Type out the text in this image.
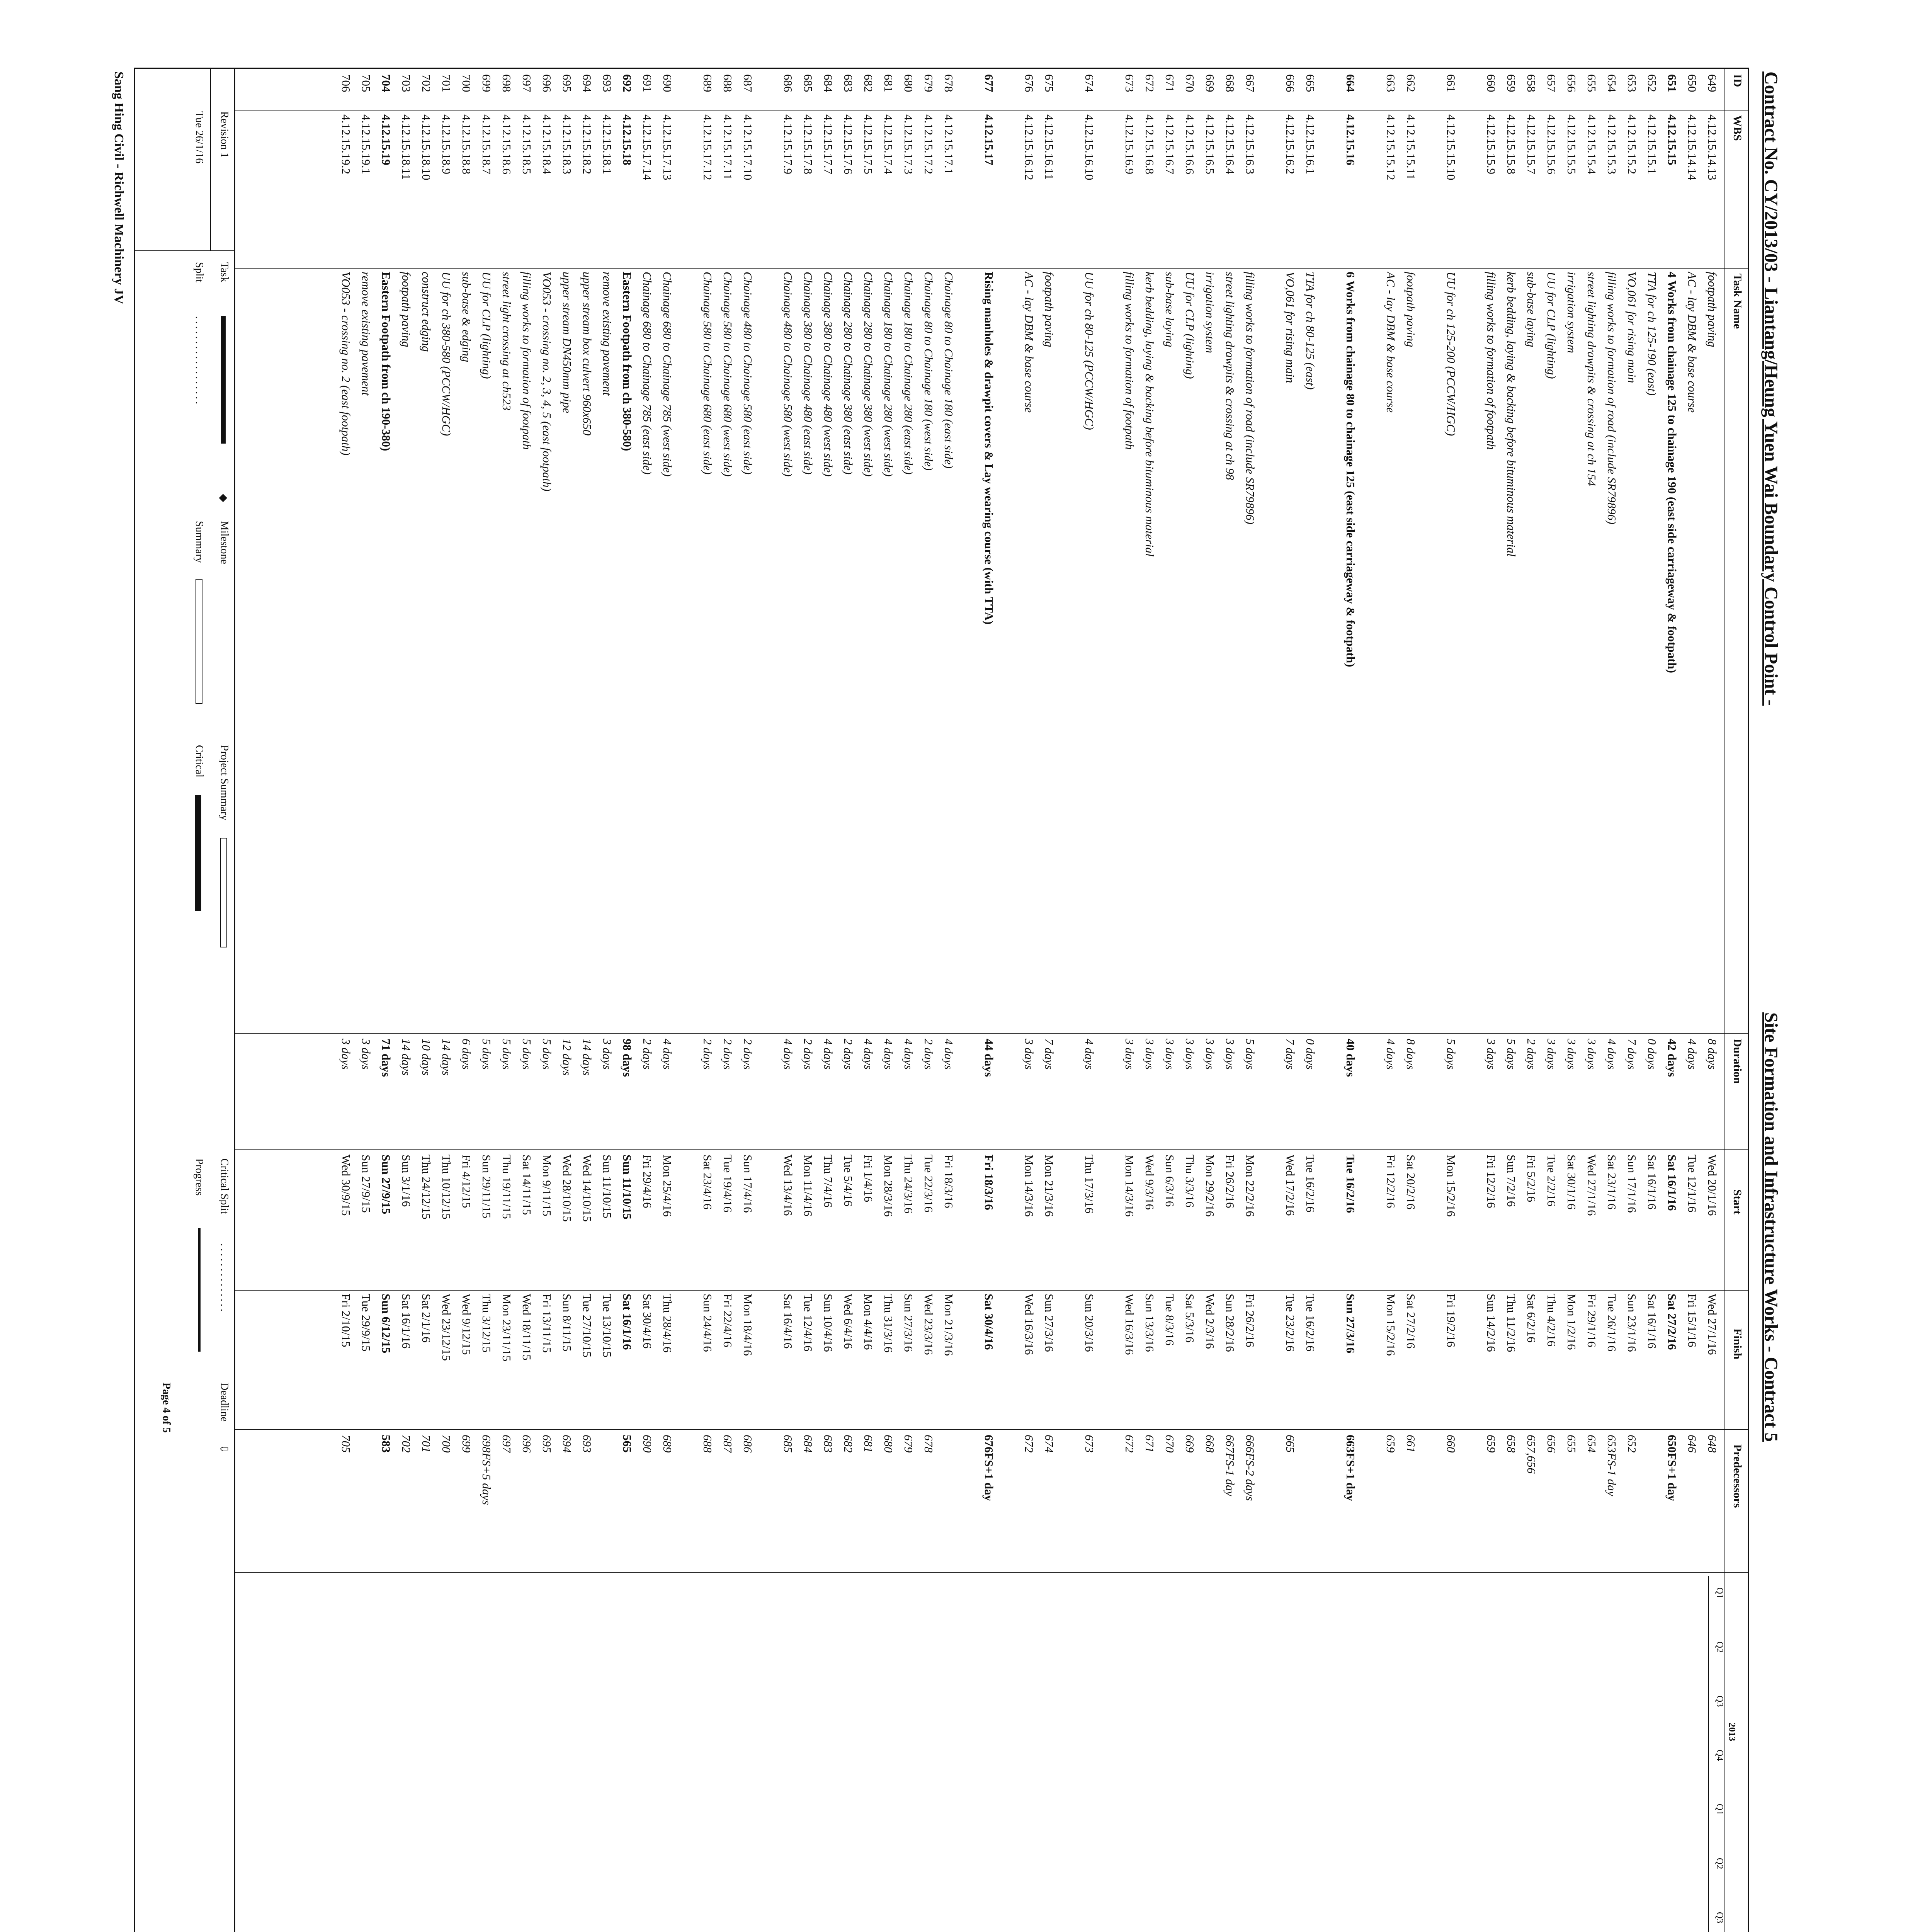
Contract No. CY/2013/03 - Liantang/Heung Yuen Wai Boundary Control Point -
Site Formation and Infrastructure Works - Contract 5
ID
WBS
Task Name
Duration
Start
Finish
Predecessors
649
4.12.15.14.13
footpath paving
8 days
Wed 20/1/16
Wed 27/1/16
648
650
4.12.15.14.14
AC - lay DBM & base course
4 days
Tue 12/1/16
Fri 15/1/16
646
651
4.12.15.15
4 Works from chainage 125 to chainage 190 (east side carriageway & footpath)
42 days
Sat 16/1/16
Sat 27/2/16
650FS+1 day
652
4.12.15.15.1
TTA for ch 125-190 (east)
0 days
Sat 16/1/16
Sat 16/1/16
653
4.12.15.15.2
VO,061 for rising main
7 days
Sun 17/1/16
Sun 23/1/16
652
654
4.12.15.15.3
filling works to formation of road (include SR79896)
4 days
Sat 23/1/16
Tue 26/1/16
653FS-1 day
655
4.12.15.15.4
street lighting drawpits & crossing at ch 154
3 days
Wed 27/1/16
Fri 29/1/16
654
656
4.12.15.15.5
irrigation system
3 days
Sat 30/1/16
Mon 1/2/16
655
657
4.12.15.15.6
UU for CLP (lighting)
3 days
Tue 2/2/16
Thu 4/2/16
656
658
4.12.15.15.7
sub-base laying
2 days
Fri 5/2/16
Sat 6/2/16
657,656
659
4.12.15.15.8
kerb bedding, laying & backing before bituminous material
5 days
Sun 7/2/16
Thu 11/2/16
658
660
4.12.15.15.9
filling works to formation of footpath
3 days
Fri 12/2/16
Sun 14/2/16
659
661
4.12.15.15.10
UU for ch 125-200 (PCCW/HGC)
5 days
Mon 15/2/16
Fri 19/2/16
660
662
4.12.15.15.11
footpath paving
8 days
Sat 20/2/16
Sat 27/2/16
661
663
4.12.15.15.12
AC - lay DBM & base course
4 days
Fri 12/2/16
Mon 15/2/16
659
664
4.12.15.16
6 Works from chainage 80 to chainage 125 (east side carriageway & footpath)
40 days
Tue 16/2/16
Sun 27/3/16
663FS+1 day
665
4.12.15.16.1
TTA for ch 80-125 (east)
0 days
Tue 16/2/16
Tue 16/2/16
666
4.12.15.16.2
VO,061 for rising main
7 days
Wed 17/2/16
Tue 23/2/16
665
667
4.12.15.16.3
filling works to formation of road (include SR79896)
5 days
Mon 22/2/16
Fri 26/2/16
666FS-2 days
668
4.12.15.16.4
street lighting drawpits & crossing at ch 98
3 days
Fri 26/2/16
Sun 28/2/16
667FS-1 day
669
4.12.15.16.5
irrigation system
3 days
Mon 29/2/16
Wed 2/3/16
668
670
4.12.15.16.6
UU for CLP (lighting)
3 days
Thu 3/3/16
Sat 5/3/16
669
671
4.12.15.16.7
sub-base laying
3 days
Sun 6/3/16
Tue 8/3/16
670
672
4.12.15.16.8
kerb bedding, laying & backing before bituminous material
3 days
Wed 9/3/16
Sun 13/3/16
671
673
4.12.15.16.9
filling works to formation of footpath
3 days
Mon 14/3/16
Wed 16/3/16
672
674
4.12.15.16.10
UU for ch 80-125 (PCCW/HGC)
4 days
Thu 17/3/16
Sun 20/3/16
673
675
4.12.15.16.11
footpath paving
7 days
Mon 21/3/16
Sun 27/3/16
674
676
4.12.15.16.12
AC - lay DBM & base course
3 days
Mon 14/3/16
Wed 16/3/16
672
677
4.12.15.17
Rising manholes & drawpit covers & Lay wearing course (with TTA)
44 days
Fri 18/3/16
Sat 30/4/16
676FS+1 day
678
4.12.15.17.1
Chainage 80 to Chainage 180 (east side)
4 days
Fri 18/3/16
Mon 21/3/16
679
4.12.15.17.2
Chainage 80 to Chainage 180 (west side)
2 days
Tue 22/3/16
Wed 23/3/16
678
680
4.12.15.17.3
Chainage 180 to Chainage 280 (east side)
4 days
Thu 24/3/16
Sun 27/3/16
679
681
4.12.15.17.4
Chainage 180 to Chainage 280 (west side)
4 days
Mon 28/3/16
Thu 31/3/16
680
682
4.12.15.17.5
Chainage 280 to Chainage 380 (west side)
4 days
Fri 1/4/16
Mon 4/4/16
681
683
4.12.15.17.6
Chainage 280 to Chainage 380 (east side)
2 days
Tue 5/4/16
Wed 6/4/16
682
684
4.12.15.17.7
Chainage 380 to Chainage 480 (west side)
4 days
Thu 7/4/16
Sun 10/4/16
683
685
4.12.15.17.8
Chainage 380 to Chainage 480 (east side)
2 days
Mon 11/4/16
Tue 12/4/16
684
686
4.12.15.17.9
Chainage 480 to Chainage 580 (west side)
4 days
Wed 13/4/16
Sat 16/4/16
685
687
4.12.15.17.10
Chainage 480 to Chainage 580 (east side)
2 days
Sun 17/4/16
Mon 18/4/16
686
688
4.12.15.17.11
Chainage 580 to Chainage 680 (west side)
2 days
Tue 19/4/16
Fri 22/4/16
687
689
4.12.15.17.12
Chainage 580 to Chainage 680 (east side)
2 days
Sat 23/4/16
Sun 24/4/16
688
690
4.12.15.17.13
Chainage 680 to Chainage 785 (west side)
4 days
Mon 25/4/16
Thu 28/4/16
689
691
4.12.15.17.14
Chainage 680 to Chainage 785 (east side)
2 days
Fri 29/4/16
Sat 30/4/16
690
692
4.12.15.18
Eastern Footpath from ch 380-580)
98 days
Sun 11/10/15
Sat 16/1/16
565
693
4.12.15.18.1
remove existing pavement
3 days
Sun 11/10/15
Tue 13/10/15
694
4.12.15.18.2
upper stream box culvert 960x650
14 days
Wed 14/10/15
Tue 27/10/15
693
695
4.12.15.18.3
upper stream DN450mm pipe
12 days
Wed 28/10/15
Sun 8/11/15
694
696
4.12.15.18.4
VO053 - crossing no. 2, 3, 4, 5 (east footpath)
5 days
Mon 9/11/15
Fri 13/11/15
695
697
4.12.15.18.5
filling works to formation of footpath
5 days
Sat 14/11/15
Wed 18/11/15
696
698
4.12.15.18.6
street light crossing at ch523
5 days
Thu 19/11/15
Mon 23/11/15
697
699
4.12.15.18.7
UU for CLP (lighting)
5 days
Sun 29/11/15
Thu 3/12/15
698FS+5 days
700
4.12.15.18.8
sub-base & edging
6 days
Fri 4/12/15
Wed 9/12/15
699
701
4.12.15.18.9
UU for ch 380-580 (PCCW/HGC)
14 days
Thu 10/12/15
Wed 23/12/15
700
702
4.12.15.18.10
construct edging
10 days
Thu 24/12/15
Sat 2/1/16
701
703
4.12.15.18.11
footpath paving
14 days
Sun 3/1/16
Sat 16/1/16
702
704
4.12.15.19
Eastern Footpath from ch 190-380)
71 days
Sun 27/9/15
Sun 6/12/15
583
705
4.12.15.19.1
remove existing pavement
3 days
Sun 27/9/15
Tue 29/9/15
706
4.12.15.19.2
VO053 - crossing no. 2 (east footpath)
3 days
Wed 30/9/15
Fri 2/10/15
705
Q1
Q2
Q3
Q4
Q1
Q2
Q3
2013
Revision 1
Tue 26/1/16
Task
Split
..................
◆
Milestone
Summary
Project Summary
Critical
Critical Split
..............
Progress
Deadline
⇩
Page 4 of 5
Sang Hing Civil - Richwell Machinery JV
